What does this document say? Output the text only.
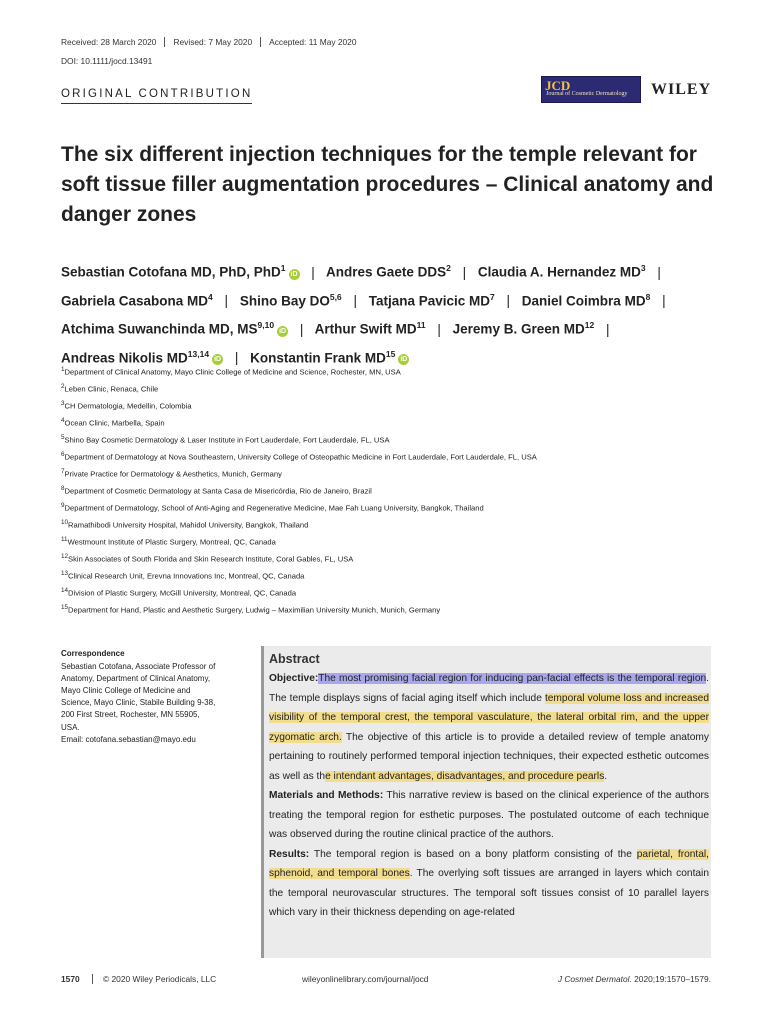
Received: 28 March 2020	Revised: 7 May 2020	Accepted: 11 May 2020
DOI: 10.1111/jocd.13491
ORIGINAL CONTRIBUTION
JCD
Journal of Cosmetic Dermatology WILEY
The six different injection techniques for the temple relevant for soft tissue filler augmentation procedures – Clinical anatomy and danger zones
Sebastian Cotofana MD, PhD, PhD$^1$iD | Andres Gaete DDS$^2$ | Claudia A. Hernandez $MD^3$ |
Gabriela Casabona $MD^4$ | Shino Bay DO$^{5,6}$ | Tatjana Pavicic $MD^7$ | Daniel Coimbra $MD^8$ |
Atchima Suwanchinda MD, MS$^{9,10}$iD | Arthur Swift MD$^{11}$ | Jeremy B. Green MD$^{12}$ |
Andreas Nikolis MD$^{13,14}$iD | Konstantin Frank MD$^{15}$iD
$^1$Department of Clinical Anatomy, Mayo Clinic College of Medicine and Science, Rochester, MN, USA
$^2$Leben Clinic, Renaca, Chile
$^3$CH Dermatologia, Medellin, Colombia
$^4$Ocean Clinic, Marbella, Spain
$^5$Shino Bay Cosmetic Dermatology & Laser Institute in Fort Lauderdale, Fort Lauderdale, FL, USA
$^6$Department of Dermatology at Nova Southeastern, University College of Osteopathic Medicine in Fort Lauderdale, Fort Lauderdale, FL, USA
$^7$Private Practice for Dermatology & Aesthetics, Munich, Germany
$^8$Department of Cosmetic Dermatology at Santa Casa de Misericórdia, Rio de Janeiro, Brazil
$^9$Department of Dermatology, School of Anti-Aging and Regenerative Medicine, Mae Fah Luang University, Bangkok, Thailand
$^{10}$Ramathibodi University Hospital, Mahidol University, Bangkok, Thailand
$^{11}$Westmount Institute of Plastic Surgery, Montreal, QC, Canada
$^{12}$Skin Associates of South Florida and Skin Research Institute, Coral Gables, FL, USA
$^{13}$Clinical Research Unit, Erevna Innovations Inc, Montreal, QC, Canada
$^{14}$Division of Plastic Surgery, McGill University, Montreal, QC, Canada
$^{15}$Department for Hand, Plastic and Aesthetic Surgery, Ludwig – Maximilian University Munich, Munich, Germany
Correspondence
Sebastian Cotofana, Associate Professor of
Anatomy, Department of Clinical Anatomy,
Mayo Clinic College of Medicine and
Science, Mayo Clinic, Stabile Building 9-38,
200 First Street, Rochester, MN 55905,
USA.
Email: cotofana.sebastian@mayo.edu
Abstract
Objective:The most promising facial region for inducing pan-facial effects is the temporal region. The temple displays signs of facial aging itself which include temporal volume loss and increased visibility of the temporal crest, the temporal vasculature, the lateral orbital rim, and the upper zygomatic arch. The objective of this article is to provide a detailed review of temple anatomy pertaining to routinely performed temporal injection techniques, their expected esthetic outcomes as well as the intendant advantages, disadvantages, and procedure pearls.
Materials and Methods: This narrative review is based on the clinical experience of the authors treating the temporal region for esthetic purposes. The postulated outcome of each technique was observed during the routine clinical practice of the authors.
Results: The temporal region is based on a bony platform consisting of the parietal, frontal, sphenoid, and temporal bones. The overlying soft tissues are arranged in layers which contain the temporal neurovascular structures. The temporal soft tissues consist of 10 parallel layers which vary in their thickness depending on age-related
1570	© 2020 Wiley Periodicals, LLC	wileyonlinelibrary.com/journal/jocd	J Cosmet Dermatol. 2020;19:1570–1579.
